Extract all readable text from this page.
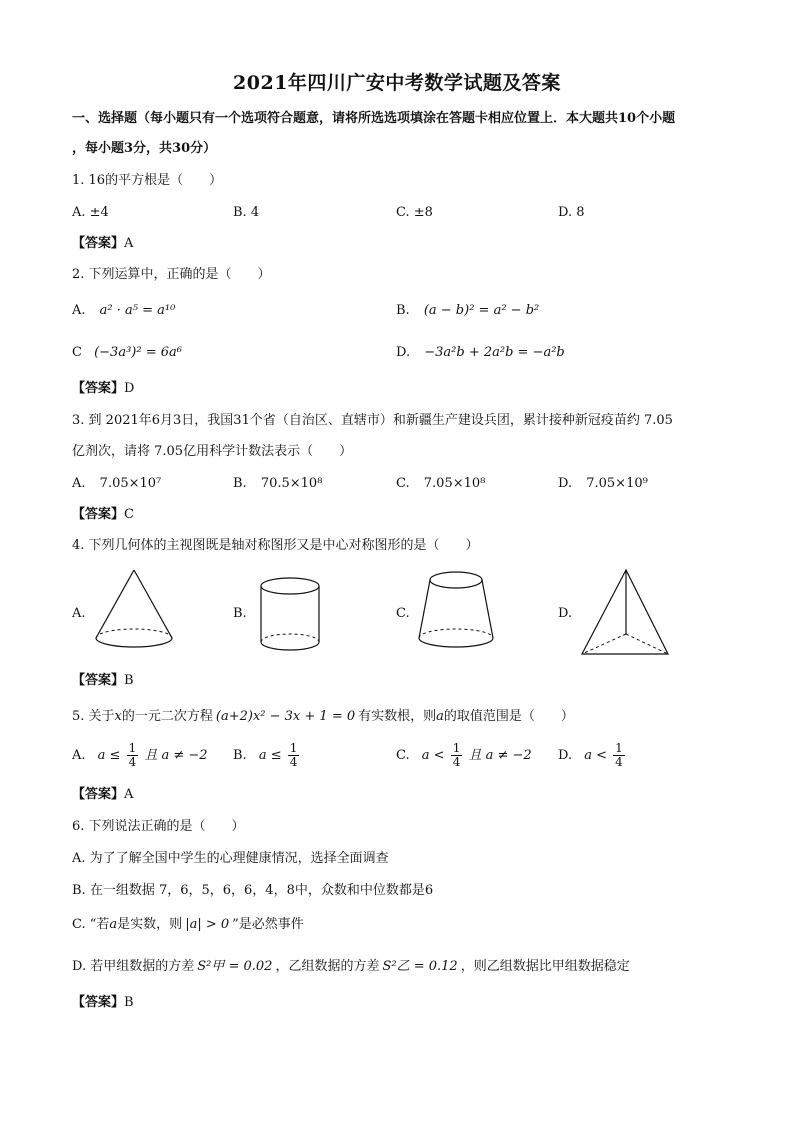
2021年四川广安中考数学试题及答案
一、选择题（每小题只有一个选项符合题意，请将所选选项填涂在答题卡相应位置上．本大题共10个小题
，每小题3分，共30分）
1. 16的平方根是（　　）
A. ±4	B. 4	C. ±8	D. 8
【答案】A
2. 下列运算中，正确的是（　　）
A. a² · a⁵ = a¹⁰	B. (a − b)² = a² − b²
C (−3a³)² = 6a⁶	D. −3a²b + 2a²b = −a²b
【答案】D
3. 到 2021年6月3日，我国31个省（自治区、直辖市）和新疆生产建设兵团，累计接种新冠疫苗约 7.05
亿剂次，请将 7.05亿用科学计数法表示（　　）
A. 7.05×10⁷	B. 70.5×10⁸	C. 7.05×10⁸	D. 7.05×10⁹
【答案】C
4. 下列几何体的主视图既是轴对称图形又是中心对称图形的是（　　）
A.	B.	C.	D.
【答案】B
5. 关于x的一元二次方程 (a+2)x² − 3x + 1 = 0 有实数根，则a的取值范围是（　　）
A. $a \le \frac{1}{4}$ 且 a ≠ −2 B. $a \le \frac{1}{4}$	C. $a < \frac{1}{4}$ 且 a ≠ −2 D. $a < \frac{1}{4}$
【答案】A
6. 下列说法正确的是（　　）
A. 为了了解全国中学生的心理健康情况，选择全面调查
B. 在一组数据 7，6，5，6，6，4，8中，众数和中位数都是6
C. “若a是实数，则 |a| > 0 ”是必然事件
D. 若甲组数据的方差 S²甲 = 0.02 ，乙组数据的方差 S²乙 = 0.12 ，则乙组数据比甲组数据稳定
【答案】B
